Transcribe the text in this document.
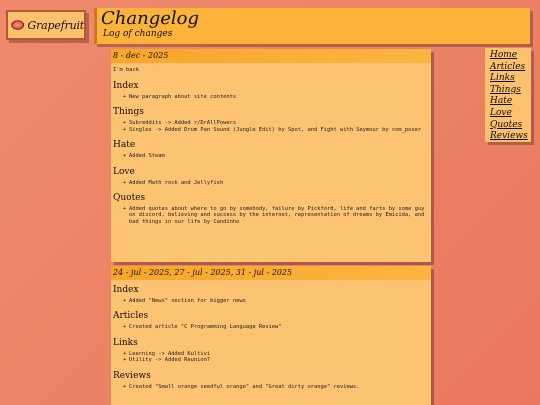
Grapefruit Changelog
Log of changes
Home
Articles
Links
Things
Hate
Love
Quotes
Reviews
8 - dec - 2025
I'm back
Index
+ New paragraph about site contents
Things
+ Subreddits -> Added r/DrAllPowers
+ Singles -> Added Drum Pan Sound (Jungle Edit) by Spot, and Fight with Seymour by com_poser
Hate
+ Added Steam
Love
+ Added Math rock and Jellyfish
Quotes
+ Added quotes about where to go by somebody, failure by Pickford, life and farts by some guy on discord, believing and success by the internet, representation of dreams by Emicida, and bad things in our life by Candinho
24 - jul - 2025, 27 - jul - 2025, 31 - jul - 2025
Index
+ Added "News" section for bigger news
Articles
+ Created article "C Programming Language Review"
Links
+ Learning -> Added Kultivi
+ Utility -> Added Reunion7
Reviews
+ Created "Small orange seedful orange" and "Great dirty orange" reviews.
